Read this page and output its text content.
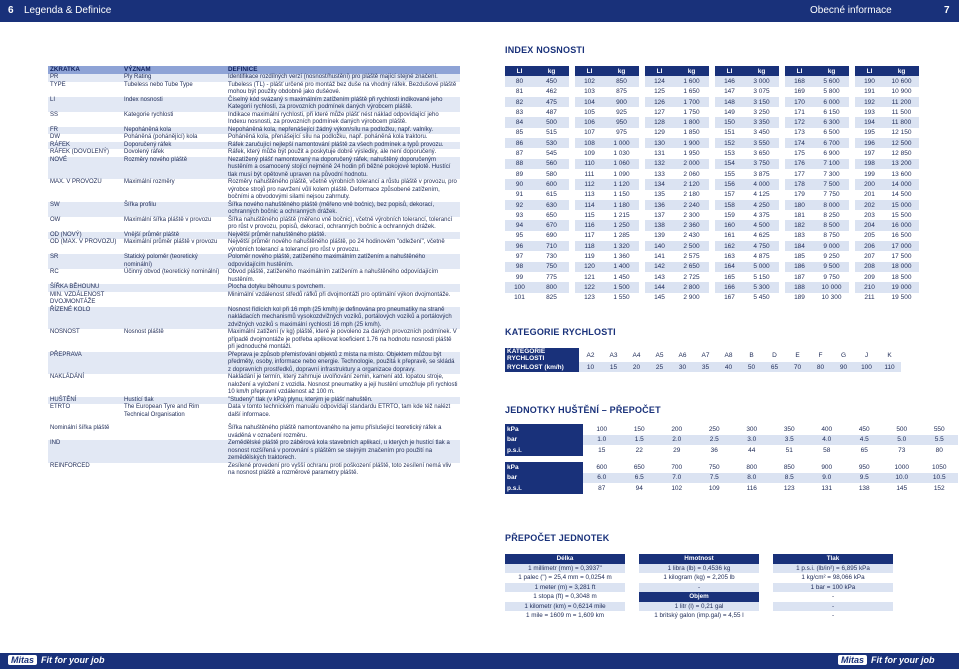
6 Legenda & Definice	Obecné informace	7
ZKRATKA	VÝZNAM	DEFINICE
PR	Ply Rating	Identifikace rozdílných verzí (nosnost/hustění) pro pláště mající stejné značení.
TYPE	Tubeless nebo Tube Type	Tubeless (TL) - plášť určené pro montáž bez duše na vhodný ráfek. Bezdušové pláště mohou být použity obdobně jako dušéové.
LI	Index nosnosti	Číselný kód svázaný s maximálním zatížením pláště při rychlosti indikované jeho Kategorií rychlosti, za provozních podmínek daných výrobcem pláště.
SS	Kategorie rychlosti	Indikace maximální rychlosti, při které může plášť nést náklad odpovídající jeho Indexu nosnosti, za provozních podmínek daných výrobcem pláště.
FR	Nepoháněná kola	Nepoháněná kola, nepřenášející žádný výkon/sílu na podložku, např. valníky.
DW	Poháněná (pohánějící) kola	Poháněná kola, přenášející sílu na podložku, např. poháněná kola traktoru.
RÁFEK	Doporučený ráfek	Ráfek zaručující nejlepší namontování pláště za všech podmínek a typů provozu.
RÁFEK (DOVOLENÝ)	Dovolený ráfek	Ráfek, který může být použit a poskytuje dobré výsledky, ale není doporučený.
NOVÉ	Rozměry nového pláště	Nezatížený plášť namontovaný na doporučený ráfek, nahuštěný doporučeným hustěním a osamocený stojící nejméně 24 hodin při běžné pokojové teplotě. Hustící tlak musí být opětovně upraven na původní hodnotu.
MAX. V PROVOZU	Maximální rozměry	Rozměry nahuštěného pláště, včetně výrobních tolerancí a růstu pláště v provozu, pro výrobce strojů pro navržení vůlí kolem pláště. Deformace způsobené zatížením, bočními a obvodovými silami nejsou zahrnuty.
SW	Šířka profilu	Šířka nového nahuštěného pláště (měřeno vně bočnic), bez popisů, dekorací, ochranných bočnic a ochranných drážek.
OW	Maximální šířka pláště v provozu	Šířka nahuštěného pláště (měřeno vně bočnic), včetně výrobních tolerancí, tolerancí pro růst v provozu, popisů, dekorací, ochranných bočnic a ochranných drážek.
OD (NOVÝ)	Vnější průměr pláště	Největší průměr nahuštěného pláště.
OD (MAX. V PROVOZU)	Maximální průměr pláště v provozu	Největší průměr nového nahuštěného pláště, po 24 hodinovém "odležení", včetně výrobních tolerancí a tolerancí pro růst v provozu.
SR	Statický poloměr (teoretický nominální)	Poloměr nového pláště, zatíženého maximálním zatížením a nahuštěného odpovídajícím hustěním.
RC	Účinný obvod (teoretický nominální)	Obvod pláště, zatíženého maximálním zatížením a nahuštěného odpovídajícím hustěním.
ŠÍŘKA BĚHOUNU		Plocha dotyku běhounu s povrchem.
MIN. VZDÁLENOST DVOJMONTÁŽE		Minimální vzdálenost středů ráfků při dvojmontáži pro optimální výkon dvojmontáže.
ŘÍZENÉ KOLO		Nosnost řídících kol při 16 mph (25 km/h) je definována pro pneumatiky na straně nakládacích mechanismů vysokozdvižných vozíků, portálových vozíků a portálových zdvižných vozíků s maximální rychlostí 16 mph (25 km/h).
NOSNOST	Nosnost pláště	Maximální zatížení (v kg) pláště, které je povoleno za daných provozních podmínek. V případě dvojmontáže je potřeba aplikovat koeficient 1.76 na hodnotu nosnosti pláště při jednoduché montáži.
PŘEPRAVA		Přeprava je způsob přemisťování objektů z místa na místo. Objektem můžou být předměty, osoby, informace nebo energie. Technologie, použitá k přepravě, se skládá z dopravních prostředků, dopravní infrastruktury a organizace dopravy.
NAKLÁDÁNÍ		Nakládání je termín, který zahrnuje uvolňování zemin, kamení atd. lopatou stroje, naložení a vyložení z vozidla. Nosnost pneumatiky a její hustění umožňuje při rychlosti 10 km/h přepravní vzdálenost až 100 m.
HUŠTĚNÍ	Hustící tlak	"Studený" tlak (v kPa) plynu, kterým je plášť nahuštěn.
ETRTO	The European Tyre and Rim Technical Organisation	Data v tomto technickém manuálu odpovídají standardu ETRTO, tam kde též nalézt další informace.

Nominální šířka pláště		Šířka nahuštěného pláště namontovaného na jemu příslušející teoretický ráfek a uváděná v označení rozměru.
IND		Zemědělské pláště pro záběrová kola stavebních aplikací, u kterých je hustící tlak a nosnost rozšířená v porovnání s pláštěm se stejným značením pro použití na zemědělských traktorech.
REINFORCED		Zesílené provedení pro vyšší ochranu proti poškození pláště, toto zesílení nemá vliv na nosnost pláště a rozměrové parametry pláště.
INDEX NOSNOSTI
LI	kg		LI	kg		LI	kg		LI	kg		LI	kg		LI	kg
80	450		102	850		124	1 600		146	3 000		168	5 600		190	10 600
81	462		103	875		125	1 650		147	3 075		169	5 800		191	10 900
82	475		104	900		126	1 700		148	3 150		170	6 000		192	11 200
83	487		105	925		127	1 750		149	3 250		171	6 150		193	11 500
84	500		106	950		128	1 800		150	3 350		172	6 300		194	11 800
85	515		107	975		129	1 850		151	3 450		173	6 500		195	12 150
86	530		108	1 000		130	1 900		152	3 550		174	6 700		196	12 500
87	545		109	1 030		131	1 950		153	3 650		175	6 900		197	12 850
88	560		110	1 060		132	2 000		154	3 750		176	7 100		198	13 200
89	580		111	1 090		133	2 060		155	3 875		177	7 300		199	13 600
90	600		112	1 120		134	2 120		156	4 000		178	7 500		200	14 000
91	615		113	1 150		135	2 180		157	4 125		179	7 750		201	14 500
92	630		114	1 180		136	2 240		158	4 250		180	8 000		202	15 000
93	650		115	1 215		137	2 300		159	4 375		181	8 250		203	15 500
94	670		116	1 250		138	2 360		160	4 500		182	8 500		204	16 000
95	690		117	1 285		139	2 430		161	4 625		183	8 750		205	16 500
96	710		118	1 320		140	2 500		162	4 750		184	9 000		206	17 000
97	730		119	1 360		141	2 575		163	4 875		185	9 250		207	17 500
98	750		120	1 400		142	2 650		164	5 000		186	9 500		208	18 000
99	775		121	1 450		143	2 725		165	5 150		187	9 750		209	18 500
100	800		122	1 500		144	2 800		166	5 300		188	10 000		210	19 000
101	825		123	1 550		145	2 900		167	5 450		189	10 300		211	19 500
KATEGORIE RYCHLOSTI
KATEGORIE RYCHLOSTI	A2	A3	A4	A5	A6	A7	A8	B	D	E	F	G	J	K
RYCHLOST (km/h)	10	15	20	25	30	35	40	50	65	70	80	90	100	110
JEDNOTKY HUŠTĚNÍ – PŘEPOČET
kPa	100	150	200	250	300	350	400	450	500	550
bar	1.0	1.5	2.0	2.5	3.0	3.5	4.0	4.5	5.0	5.5
p.s.i.	15	22	29	36	44	51	58	65	73	80
kPa	600	650	700	750	800	850	900	950	1000	1050
bar	6.0	6.5	7.0	7.5	8.0	8.5	9.0	9.5	10.0	10.5
p.s.i.	87	94	102	109	116	123	131	138	145	152
PŘEPOČET JEDNOTEK
Délka		Hmotnost		Tlak
1 millimetr (mm) = 0,3937"		1 libra (lb) = 0,4536 kg		1 p.s.i. (lb/in²) = 6,895 kPa
1 palec (") = 25,4 mm = 0,0254 m		1 kilogram (kg) = 2,205 lb		1 kg/cm² = 98,066 kPa
1 meter (m) = 3,281 ft		-		1 bar = 100 kPa
1 stopa (ft) = 0,3048 m		Objem		-
1 kilometr (km) = 0,6214 mile		1 litr (l) = 0,21 gal		-
1 mile = 1609 m = 1,609 km		1 britský galon (imp.gal) = 4,55 l		-
Mitas Fit for your job	Mitas Fit for your job
